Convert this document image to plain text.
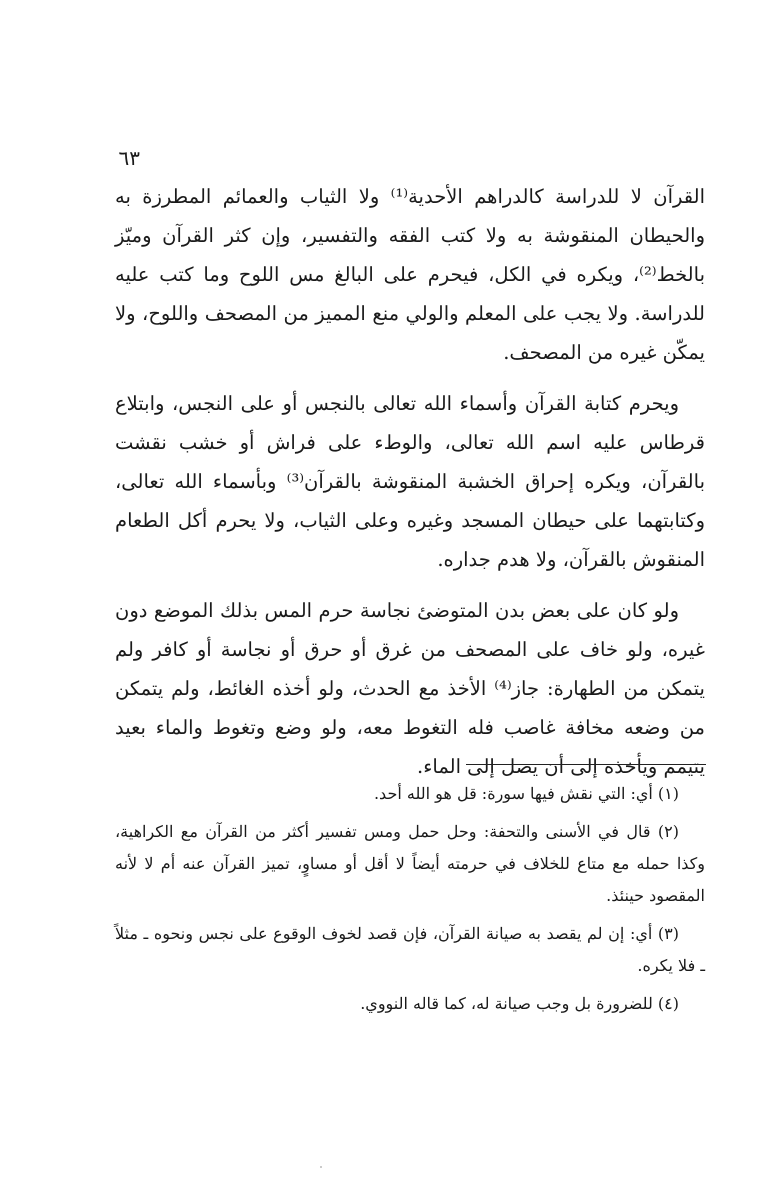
٦٣

القرآن لا للدراسة كالدراهم الأحدية⁽¹⁾ ولا الثياب والعمائم المطرزة به والحيطان المنقوشة به ولا كتب الفقه والتفسير، وإن كثر القرآن وميّز بالخط⁽²⁾، ويكره في الكل، فيحرم على البالغ مس اللوح وما كتب عليه للدراسة. ولا يجب على المعلم والولي منع المميز من المصحف واللوح، ولا يمكّن غيره من المصحف.

ويحرم كتابة القرآن وأسماء الله تعالى بالنجس أو على النجس، وابتلاع قرطاس عليه اسم الله تعالى، والوطء على فراش أو خشب نقشت بالقرآن، ويكره إحراق الخشبة المنقوشة بالقرآن⁽³⁾ وبأسماء الله تعالى، وكتابتهما على حيطان المسجد وغيره وعلى الثياب، ولا يحرم أكل الطعام المنقوش بالقرآن، ولا هدم جداره.

ولو كان على بعض بدن المتوضئ نجاسة حرم المس بذلك الموضع دون غيره، ولو خاف على المصحف من غرق أو حرق أو نجاسة أو كافر ولم يتمكن من الطهارة: جاز⁽⁴⁾ الأخذ مع الحدث، ولو أخذه الغائط، ولم يتمكن من وضعه مخافة غاصب فله التغوط معه، ولو وضع وتغوط والماء بعيد يتيمم ويأخذه إلى أن يصل إلى الماء.

(١) أي: التي نقش فيها سورة: قل هو الله أحد.

(٢) قال في الأسنى والتحفة: وحل حمل ومس تفسير أكثر من القرآن مع الكراهية، وكذا حمله مع متاع للخلاف في حرمته أيضاً لا أقل أو مساوٍ، تميز القرآن عنه أم لا لأنه المقصود حينئذ.

(٣) أي: إن لم يقصد به صيانة القرآن، فإن قصد لخوف الوقوع على نجس ونحوه ـ مثلاً ـ فلا يكره.

(٤) للضرورة بل وجب صيانة له، كما قاله النووي.
